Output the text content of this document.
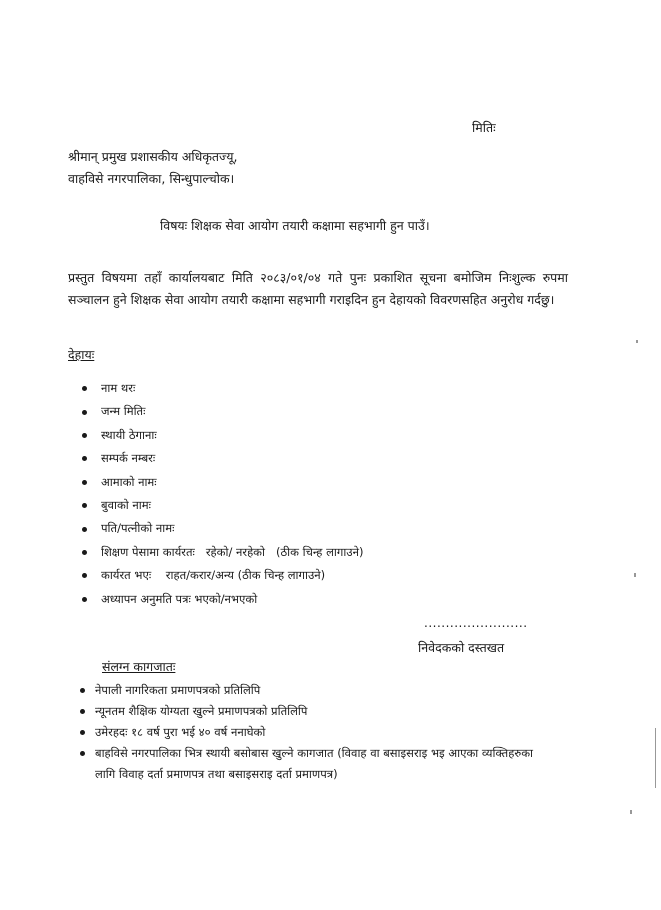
मितिः
श्रीमान् प्रमुख प्रशासकीय अधिकृतज्यू,
वाहविसे नगरपालिका, सिन्धुपाल्चोक।
विषयः शिक्षक सेवा आयोग तयारी कक्षामा सहभागी हुन पाउँ।
प्रस्तुत विषयमा तहाँ कार्यालयबाट मिति २०८३/०१/०४ गते पुनः प्रकाशित सूचना बमोजिम निःशुल्क रुपमा सञ्चालन हुने शिक्षक सेवा आयोग तयारी कक्षामा सहभागी गराइदिन हुन देहायको विवरणसहित अनुरोध गर्दछु।
देहायः
नाम थरः
जन्म मितिः
स्थायी ठेगानाः
सम्पर्क नम्बरः
आमाको नामः
बुवाको नामः
पति/पत्नीको नामः
शिक्षण पेसामा कार्यरतः   रहेको/ नरहेको   (ठीक चिन्ह लागाउने)
कार्यरत भएः    राहत/करार/अन्य (ठीक चिन्ह लागाउने)
अध्यापन अनुमति पत्रः भएको/नभएको
........................
निवेदकको दस्तखत
संलग्न कागजातः
नेपाली नागरिकता प्रमाणपत्रको प्रतिलिपि
न्यूनतम शैक्षिक योग्यता खुल्ने प्रमाणपत्रको प्रतिलिपि
उमेरहदः १८ वर्ष पुरा भई ४० वर्ष ननाघेको
बाहविसे नगरपालिका भित्र स्थायी बसोबास खुल्ने कागजात (विवाह वा बसाइसराइ भइ आएका व्यक्तिहरुका लागि विवाह दर्ता प्रमाणपत्र तथा बसाइसराइ दर्ता प्रमाणपत्र)
